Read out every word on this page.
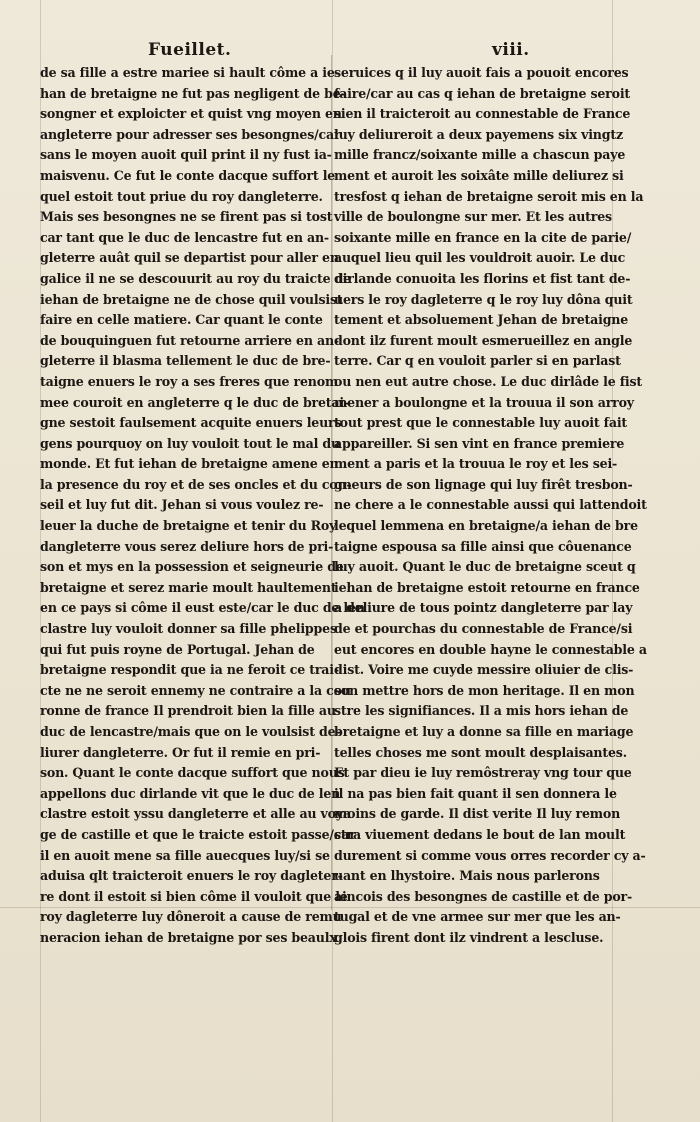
Fueillet.	viii.
de sa fille a estre mariee si hault côme a ie-
han de bretaigne ne fut pas negligent de be-
songner et exploicter et quist vng moyen en
angleterre pour adresser ses besongnes/car
sans le moyen auoit quil print il ny fust ia-
maisvenu. Ce fut le conte dacque suffort le
quel estoit tout priue du roy dangleterre.
Mais ses besongnes ne se firent pas si tost
car tant que le duc de lencastre fut en an-
gleterre auât quil se departist pour aller en
galice il ne se descouurit au roy du traicte de
iehan de bretaigne ne de chose quil voulsist
faire en celle matiere. Car quant le conte
de bouquinguen fut retourne arriere en an-
gleterre il blasma tellement le duc de bre-
taigne enuers le roy a ses freres que renom
mee couroit en angleterre q le duc de bretai-
gne sestoit faulsement acquite enuers leurs
gens pourquoy on luy vouloit tout le mal du
monde. Et fut iehan de bretaigne amene en
la presence du roy et de ses oncles et du con-
seil et luy fut dit. Jehan si vous voulez re-
leuer la duche de bretaigne et tenir du Roy
dangleterre vous serez deliure hors de pri-
son et mys en la possession et seigneurie de
bretaigne et serez marie moult haultement
en ce pays si côme il eust este/car le duc de len
clastre luy vouloit donner sa fille phelippes
qui fut puis royne de Portugal. Jehan de
bretaigne respondit que ia ne feroit ce trai-
cte ne ne seroit ennemy ne contraire a la cou
ronne de france Il prendroit bien la fille au
duc de lencastre/mais que on le voulsist de-
liurer dangleterre. Or fut il remie en pri-
son. Quant le conte dacque suffort que nous
appellons duc dirlande vit que le duc de len
clastre estoit yssu dangleterre et alle au voya
ge de castille et que le traicte estoit passe/car
il en auoit mene sa fille auecques luy/si se
aduisa qlt traicteroit enuers le roy dagleter-
re dont il estoit si bien côme il vouloit que le
roy dagleterre luy dôneroit a cause de remu
neracion iehan de bretaigne por ses beaulx
seruices q il luy auoit fais a pouoit encores
faire/car au cas q iehan de bretaigne seroit
sien il traicteroit au connestable de France
luy deliureroit a deux payemens six vingtz
mille francz/soixante mille a chascun paye
ment et auroit les soixâte mille deliurez si
tresfost q iehan de bretaigne seroit mis en la
ville de boulongne sur mer. Et les autres
soixante mille en france en la cite de parie/
auquel lieu quil les vouldroit auoir. Le duc
dirlande conuoita les florins et fist tant de-
uers le roy dagleterre q le roy luy dôna quit
tement et absoluement Jehan de bretaigne
dont ilz furent moult esmerueillez en angle
terre. Car q en vouloit parler si en parlast
ou nen eut autre chose. Le duc dirlâde le fist
mener a boulongne et la trouua il son arroy
tout prest que le connestable luy auoit fait
appareiller. Si sen vint en france premiere
ment a paris et la trouua le roy et les sei-
gneurs de son lignage qui luy firêt tresbon-
ne chere a le connestable aussi qui lattendoit
lequel lemmena en bretaigne/a iehan de bre
taigne espousa sa fille ainsi que côuenance
luy auoit. Quant le duc de bretaigne sceut q
iehan de bretaigne estoit retourne en france
a deliure de tous pointz dangleterre par lay
de et pourchas du connestable de France/si
eut encores en double hayne le connestable a
dist. Voire me cuyde messire oliuier de clis-
son mettre hors de mon heritage. Il en mon
stre les signifiances. Il a mis hors iehan de
bretaigne et luy a donne sa fille en mariage
telles choses me sont moult desplaisantes.
Et par dieu ie luy remôstreray vng tour que
il na pas bien fait quant il sen donnera le
moins de garde. Il dist verite Il luy remon
stra viuement dedans le bout de lan moult
durement si comme vous orres recorder cy a-
uant en lhystoire. Mais nous parlerons
aincois des besongnes de castille et de por-
tugal et de vne armee sur mer que les an-
glois firent dont ilz vindrent a lescluse.
